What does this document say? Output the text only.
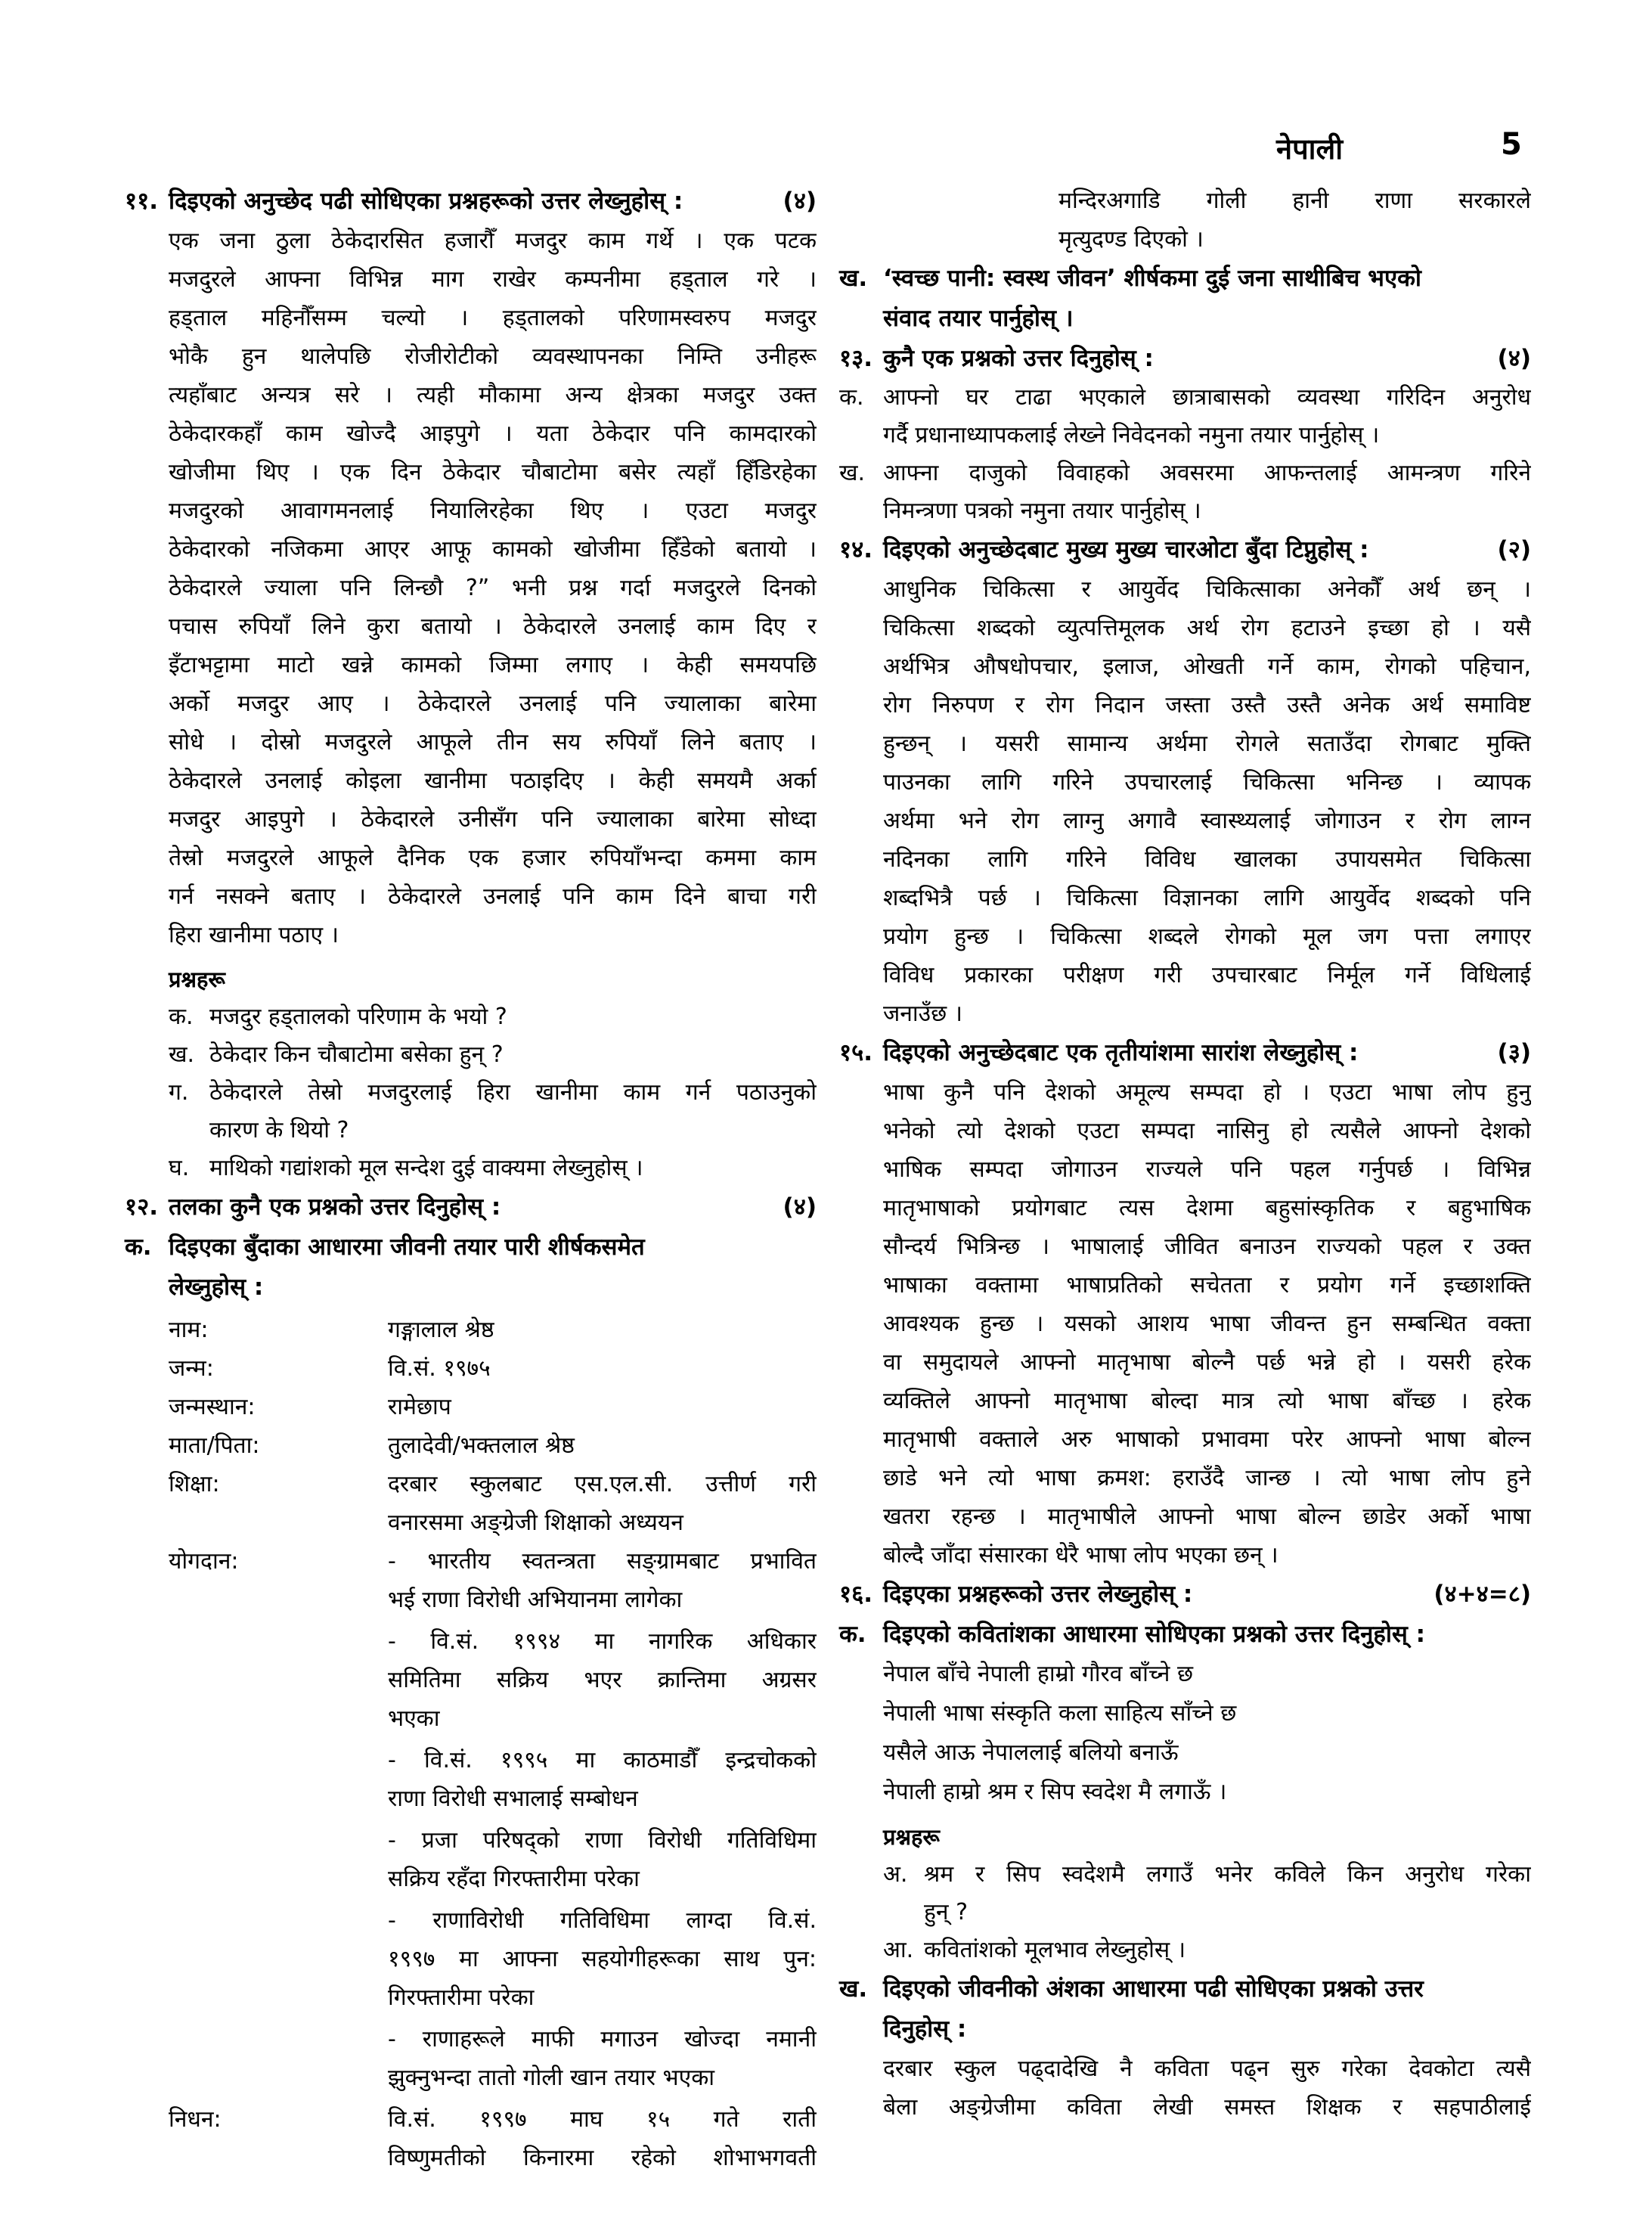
नेपाली	5
११. दिइएको अनुच्छेद पढी सोधिएका प्रश्नहरूको उत्तर लेख्नुहोस् :	(४)
एक जना ठुला ठेकेदारसित हजारौँ मजदुर काम गर्थे । एक पटक
मजदुरले आफ्ना विभिन्न माग राखेर कम्पनीमा हड्ताल गरे ।
हड्ताल महिनौँसम्म चल्यो । हड्तालको परिणामस्वरुप मजदुर
भोकै हुन थालेपछि रोजीरोटीको व्यवस्थापनका निम्ति उनीहरू
त्यहाँबाट अन्यत्र सरे । त्यही मौकामा अन्य क्षेत्रका मजदुर उक्त
ठेकेदारकहाँ काम खोज्दै आइपुगे । यता ठेकेदार पनि कामदारको
खोजीमा थिए । एक दिन ठेकेदार चौबाटोमा बसेर त्यहाँ हिँडिरहेका
मजदुरको आवागमनलाई नियालिरहेका थिए । एउटा मजदुर
ठेकेदारको नजिकमा आएर आफू कामको खोजीमा हिँडेको बतायो ।
ठेकेदारले ज्याला पनि लिन्छौ ?” भनी प्रश्न गर्दा मजदुरले दिनको
पचास रुपियाँ लिने कुरा बतायो । ठेकेदारले उनलाई काम दिए र
इँटाभट्टामा माटो खन्ने कामको जिम्मा लगाए । केही समयपछि
अर्को मजदुर आए । ठेकेदारले उनलाई पनि ज्यालाका बारेमा
सोधे । दोस्रो मजदुरले आफूले तीन सय रुपियाँ लिने बताए ।
ठेकेदारले उनलाई कोइला खानीमा पठाइदिए । केही समयमै अर्का
मजदुर आइपुगे । ठेकेदारले उनीसँग पनि ज्यालाका बारेमा सोध्दा
तेस्रो मजदुरले आफूले दैनिक एक हजार रुपियाँभन्दा कममा काम
गर्न नसक्ने बताए । ठेकेदारले उनलाई पनि काम दिने बाचा गरी
हिरा खानीमा पठाए ।
प्रश्नहरू
क. मजदुर हड्तालको परिणाम के भयो ?
ख. ठेकेदार किन चौबाटोमा बसेका हुन् ?
ग. ठेकेदारले तेस्रो मजदुरलाई हिरा खानीमा काम गर्न पठाउनुको
कारण के थियो ?
घ. माथिको गद्यांशको मूल सन्देश दुई वाक्यमा लेख्नुहोस् ।
१२. तलका कुनै एक प्रश्नको उत्तर दिनुहोस् :	(४)
क. दिइएका बुँदाका आधारमा जीवनी तयार पारी शीर्षकसमेत
लेख्नुहोस् :
नाम:	गङ्गालाल श्रेष्ठ
जन्म:	वि.सं. १९७५
जन्मस्थान:	रामेछाप
माता/पिता:	तुलादेवी/भक्तलाल श्रेष्ठ
शिक्षा:	दरबार स्कुलबाट एस.एल.सी. उत्तीर्ण गरी
वनारसमा अङ्ग्रेजी शिक्षाको अध्ययन
योगदान:	- भारतीय स्वतन्त्रता सङ्ग्रामबाट प्रभावित
भई राणा विरोधी अभियानमा लागेका
- वि.सं. १९९४ मा नागरिक अधिकार
समितिमा सक्रिय भएर क्रान्तिमा अग्रसर
भएका
- वि.सं. १९९५ मा काठमाडौँ इन्द्रचोकको
राणा विरोधी सभालाई सम्बोधन
- प्रजा परिषद्को राणा विरोधी गतिविधिमा
सक्रिय रहँदा गिरफ्तारीमा परेका
- राणाविरोधी गतिविधिमा लाग्दा वि.सं.
१९९७ मा आफ्ना सहयोगीहरूका साथ पुन:
गिरफ्तारीमा परेका
- राणाहरूले माफी मगाउन खोज्दा नमानी
झुक्नुभन्दा तातो गोली खान तयार भएका
निधन:	वि.सं. १९९७ माघ १५ गते राती
विष्णुमतीको किनारमा रहेको शोभाभगवती
मन्दिरअगाडि गोली हानी राणा सरकारले
मृत्युदण्ड दिएको ।
ख. ‘स्वच्छ पानी: स्वस्थ जीवन’ शीर्षकमा दुई जना साथीबिच भएको
संवाद तयार पार्नुहोस् ।
१३. कुनै एक प्रश्नको उत्तर दिनुहोस् :	(४)
क. आफ्नो घर टाढा भएकाले छात्राबासको व्यवस्था गरिदिन अनुरोध
गर्दै प्रधानाध्यापकलाई लेख्ने निवेदनको नमुना तयार पार्नुहोस् ।
ख. आफ्ना दाजुको विवाहको अवसरमा आफन्तलाई आमन्त्रण गरिने
निमन्त्रणा पत्रको नमुना तयार पार्नुहोस् ।
१४. दिइएको अनुच्छेदबाट मुख्य मुख्य चारओटा बुँदा टिप्नुहोस् :	(२)
आधुनिक चिकित्सा र आयुर्वेद चिकित्साका अनेकौँ अर्थ छन् ।
चिकित्सा शब्दको व्युत्पत्तिमूलक अर्थ रोग हटाउने इच्छा हो । यसै
अर्थभित्र औषधोपचार, इलाज, ओखती गर्ने काम, रोगको पहिचान,
रोग निरुपण र रोग निदान जस्ता उस्तै उस्तै अनेक अर्थ समाविष्ट
हुन्छन् । यसरी सामान्य अर्थमा रोगले सताउँदा रोगबाट मुक्ति
पाउनका लागि गरिने उपचारलाई चिकित्सा भनिन्छ । व्यापक
अर्थमा भने रोग लाग्नु अगावै स्वास्थ्यलाई जोगाउन र रोग लाग्न
नदिनका लागि गरिने विविध खालका उपायसमेत चिकित्सा
शब्दभित्रै पर्छ । चिकित्सा विज्ञानका लागि आयुर्वेद शब्दको पनि
प्रयोग हुन्छ । चिकित्सा शब्दले रोगको मूल जग पत्ता लगाएर
विविध प्रकारका परीक्षण गरी उपचारबाट निर्मूल गर्ने विधिलाई
जनाउँछ ।
१५. दिइएको अनुच्छेदबाट एक तृतीयांशमा सारांश लेख्नुहोस् :	(३)
भाषा कुनै पनि देशको अमूल्य सम्पदा हो । एउटा भाषा लोप हुनु
भनेको त्यो देशको एउटा सम्पदा नासिनु हो त्यसैले आफ्नो देशको
भाषिक सम्पदा जोगाउन राज्यले पनि पहल गर्नुपर्छ । विभिन्न
मातृभाषाको प्रयोगबाट त्यस देशमा बहुसांस्कृतिक र बहुभाषिक
सौन्दर्य भित्रिन्छ । भाषालाई जीवित बनाउन राज्यको पहल र उक्त
भाषाका वक्तामा भाषाप्रतिको सचेतता र प्रयोग गर्ने इच्छाशक्ति
आवश्यक हुन्छ । यसको आशय भाषा जीवन्त हुन सम्बन्धित वक्ता
वा समुदायले आफ्नो मातृभाषा बोल्नै पर्छ भन्ने हो । यसरी हरेक
व्यक्तिले आफ्नो मातृभाषा बोल्दा मात्र त्यो भाषा बाँच्छ । हरेक
मातृभाषी वक्ताले अरु भाषाको प्रभावमा परेर आफ्नो भाषा बोल्न
छाडे भने त्यो भाषा क्रमश: हराउँदै जान्छ । त्यो भाषा लोप हुने
खतरा रहन्छ । मातृभाषीले आफ्नो भाषा बोल्न छाडेर अर्को भाषा
बोल्दै जाँदा संसारका धेरै भाषा लोप भएका छन् ।
१६. दिइएका प्रश्नहरूको उत्तर लेख्नुहोस् :	(४+४=८)
क. दिइएको कवितांशका आधारमा सोधिएका प्रश्नको उत्तर दिनुहोस् :
नेपाल बाँचे नेपाली हाम्रो गौरव बाँच्ने छ
नेपाली भाषा संस्कृति कला साहित्य साँच्ने छ
यसैले आऊ नेपाललाई बलियो बनाऊँ
नेपाली हाम्रो श्रम र सिप स्वदेश मै लगाऊँ ।
प्रश्नहरू
अ. श्रम र सिप स्वदेशमै लगाउँ भनेर कविले किन अनुरोध गरेका
हुन् ?
आ. कवितांशको मूलभाव लेख्नुहोस् ।
ख. दिइएको जीवनीको अंशका आधारमा पढी सोधिएका प्रश्नको उत्तर
दिनुहोस् :
दरबार स्कुल पढ्दादेखि नै कविता पढ्न सुरु गरेका देवकोटा त्यसै
बेला अङ्ग्रेजीमा कविता लेखी समस्त शिक्षक र सहपाठीलाई
